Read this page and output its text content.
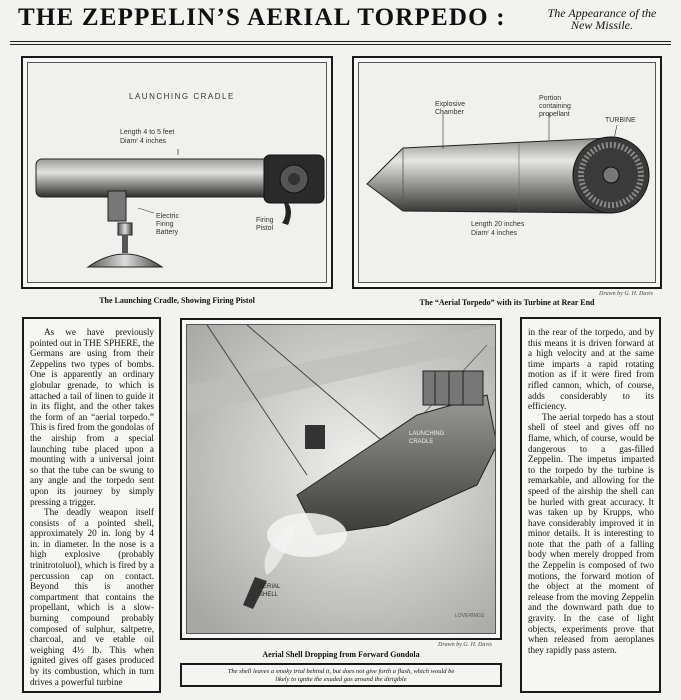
THE ZEPPELIN’S AERIAL TORPEDO :	The Appearance of the
New Missile.
LAUNCHING CRADLE
Length 4 to 5 feet
Diamʳ 4 inches
Electric
Firing
Battery
Firing
Pistol
The Launching Cradle, Showing Firing Pistol
Explosive
Chamber
Portion
containing
propellant
TURBINE
Length 20 inches
Diamʳ 4 inches
Drawn by G. H. Davis
The “Aerial Torpedo” with its Turbine at Rear End

As we have previously pointed out in THE SPHERE, the Germans are using from their Zeppelins two types of bombs. One is apparently an ordinary globular grenade, to which is attached a tail of linen to guide it in its flight, and the other takes the form of an “aerial torpedo.” This is fired from the gondolas of the airship from a special launching tube placed upon a mounting with a universal joint so that the tube can be swung to any angle and the torpedo sent upon its journey by simply pressing a trigger.

The deadly weapon itself consists of a pointed shell, approximately 20 in. long by 4 in. in diameter. In the nose is a high explosive (probably trinitrotoluol), which is fired by a percussion cap on contact. Beyond this is another compartment that contains the propellant, which is a slow-burning compound probably composed of sulphur, saltpetre, charcoal, and ve etable oil weighing 4½ lb. This when ignited gives off gases produced by its combustion, which in turn drives a powerful turbine

LOVERINGS
LAUNCHING
CRADLE
AERIAL
SHELL
Drawn by G. H. Davis
Aerial Shell Dropping from Forward Gondola
The shell leaves a smoky trial behind it, but does not give forth a flash, which would be
likely to ignite the exuded gas around the dirigible

in the rear of the torpedo, and by this means it is driven forward at a high velocity and at the same time imparts a rapid rotating motion as if it were fired from rifled cannon, which, of course, adds considerably to its efficiency.

The aerial torpedo has a stout shell of steel and gives off no flame, which, of course, would be dangerous to a gas-filled Zeppelin. The impetus imparted to the torpedo by the turbine is remarkable, and allowing for the speed of the airship the shell can be hurled with great accuracy. It was taken up by Krupps, who have considerably improved it in minor details. It is interesting to note that the path of a falling body when merely dropped from the Zeppelin is composed of two motions, the forward motion of the object at the moment of release from the moving Zeppelin and the downward path due to gravity. In the case of light objects, experiments prove that when released from aeroplanes they rapidly pass astern.
